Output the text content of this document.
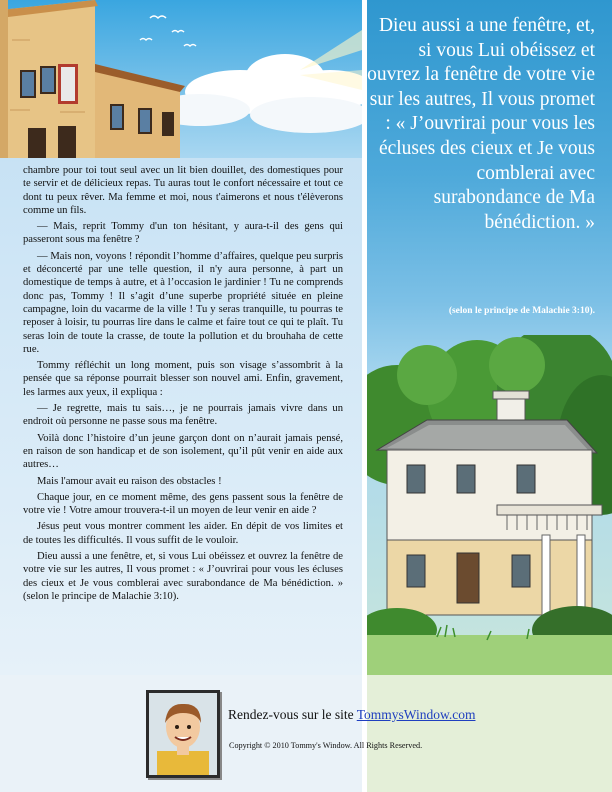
chambre pour toi tout seul avec un lit bien douillet, des domestiques pour te servir et de délicieux repas. Tu auras tout le confort nécessaire et tout ce dont tu peux rêver. Ma femme et moi, nous t'aimerons et nous t'élèverons comme un fils.

— Mais, reprit Tommy d'un ton hésitant, y aura-t-il des gens qui passeront sous ma fenêtre ?

— Mais non, voyons ! répondit l’homme d’affaires, quelque peu surpris et déconcerté par une telle question, il n'y aura personne, à part un domestique de temps à autre, et à l’occasion le jardinier ! Tu ne comprends donc pas, Tommy ! Il s’agit d’une superbe propriété située en pleine campagne, loin du vacarme de la ville ! Tu y seras tranquille, tu pourras te reposer à loisir, tu pourras lire dans le calme et faire tout ce qui te plaît. Tu seras loin de toute la crasse, de toute la pollution et du brouhaha de cette rue.

Tommy réfléchit un long moment, puis son visage s’assombrit à la pensée que sa réponse pourrait blesser son nouvel ami. Enfin, gravement, les larmes aux yeux, il expliqua :

— Je regrette, mais tu sais…, je ne pourrais jamais vivre dans un endroit où personne ne passe sous ma fenêtre.

Voilà donc l’histoire d’un jeune garçon dont on n’aurait jamais pensé, en raison de son handicap et de son isolement, qu’il pût venir en aide aux autres…

Mais l'amour avait eu raison des obstacles !

Chaque jour, en ce moment même, des gens passent sous la fenêtre de votre vie ! Votre amour trouvera-t-il un moyen de leur venir en aide ?

Jésus peut vous montrer comment les aider. En dépit de vos limites et de toutes les difficultés. Il vous suffit de le vouloir.

Dieu aussi a une fenêtre, et, si vous Lui obéissez et ouvrez la fenêtre de votre vie sur les autres, Il vous promet : « J’ouvrirai pour vous les écluses des cieux et Je vous comblerai avec surabondance de Ma bénédiction. » (selon le principe de Malachie 3:10).

Dieu aussi a une fenêtre, et, si vous Lui obéissez et ouvrez la fenêtre de votre vie sur les autres, Il vous promet : « J’ouvrirai pour vous les écluses des cieux et Je vous comblerai avec surabondance de Ma bénédiction. »
(selon le principe de Malachie 3:10).
Rendez-vous sur le site TommysWindow.com
Copyright © 2010 Tommy's Window. All Rights Reserved.
